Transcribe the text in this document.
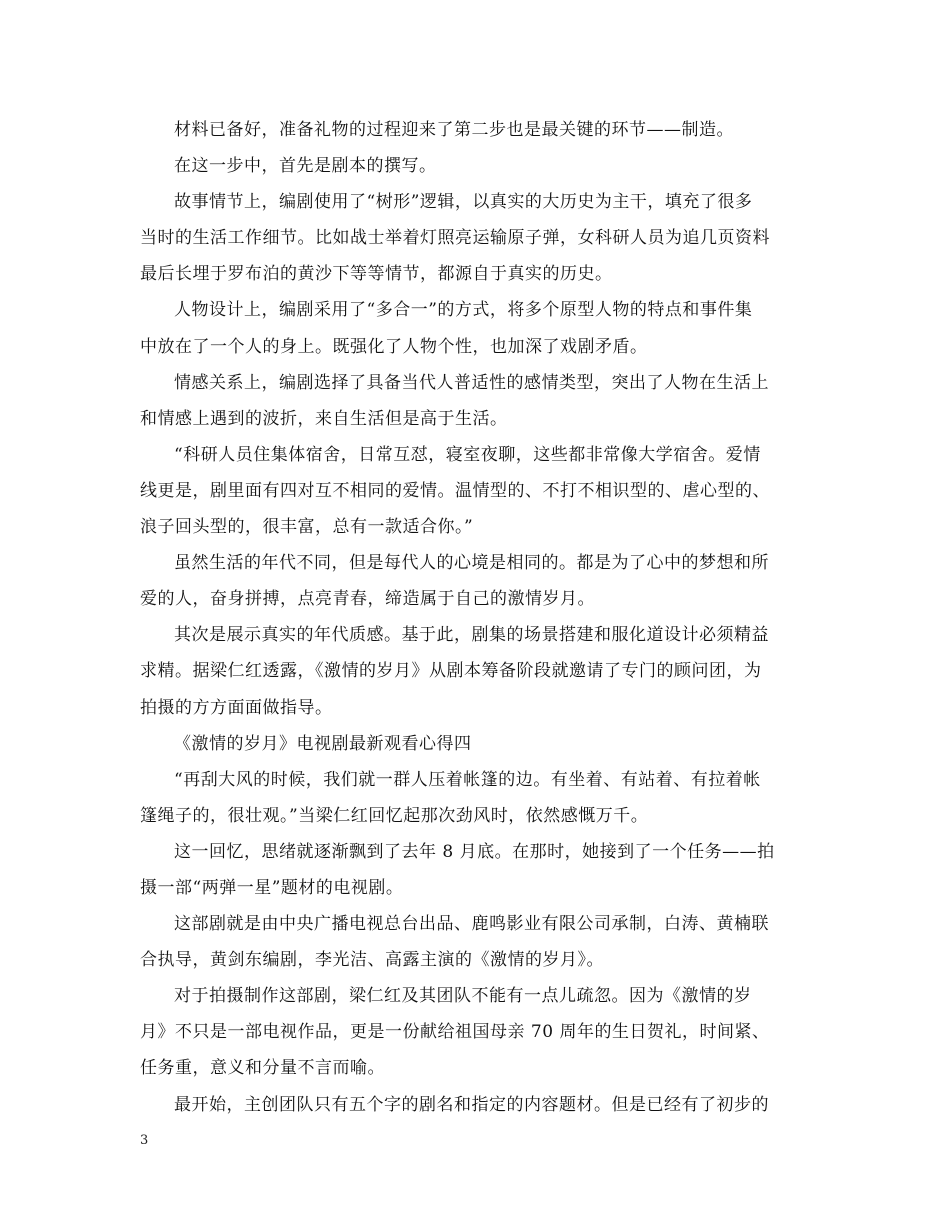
材料已备好，准备礼物的过程迎来了第二步也是最关键的环节——制造。

在这一步中，首先是剧本的撰写。

故事情节上，编剧使用了“树形”逻辑，以真实的大历史为主干，填充了很多
当时的生活工作细节。比如战士举着灯照亮运输原子弹，女科研人员为追几页资料
最后长埋于罗布泊的黄沙下等等情节，都源自于真实的历史。

人物设计上，编剧采用了“多合一”的方式，将多个原型人物的特点和事件集
中放在了一个人的身上。既强化了人物个性，也加深了戏剧矛盾。

情感关系上，编剧选择了具备当代人普适性的感情类型，突出了人物在生活上
和情感上遇到的波折，来自生活但是高于生活。

“科研人员住集体宿舍，日常互怼，寝室夜聊，这些都非常像大学宿舍。爱情
线更是，剧里面有四对互不相同的爱情。温情型的、不打不相识型的、虐心型的、
浪子回头型的，很丰富，总有一款适合你。”

虽然生活的年代不同，但是每代人的心境是相同的。都是为了心中的梦想和所
爱的人，奋身拼搏，点亮青春，缔造属于自己的激情岁月。

其次是展示真实的年代质感。基于此，剧集的场景搭建和服化道设计必须精益
求精。据梁仁红透露，《激情的岁月》从剧本筹备阶段就邀请了专门的顾问团，为
拍摄的方方面面做指导。

《激情的岁月》电视剧最新观看心得四

“再刮大风的时候，我们就一群人压着帐篷的边。有坐着、有站着、有拉着帐
篷绳子的，很壮观。”当梁仁红回忆起那次劲风时，依然感慨万千。

这一回忆，思绪就逐渐飘到了去年 8 月底。在那时，她接到了一个任务——拍
摄一部“两弹一星”题材的电视剧。

这部剧就是由中央广播电视总台出品、鹿鸣影业有限公司承制，白涛、黄楠联
合执导，黄剑东编剧，李光洁、高露主演的《激情的岁月》。

对于拍摄制作这部剧，梁仁红及其团队不能有一点儿疏忽。因为《激情的岁
月》不只是一部电视作品，更是一份献给祖国母亲 70 周年的生日贺礼，时间紧、
任务重，意义和分量不言而喻。

最开始，主创团队只有五个字的剧名和指定的内容题材。但是已经有了初步的

3
